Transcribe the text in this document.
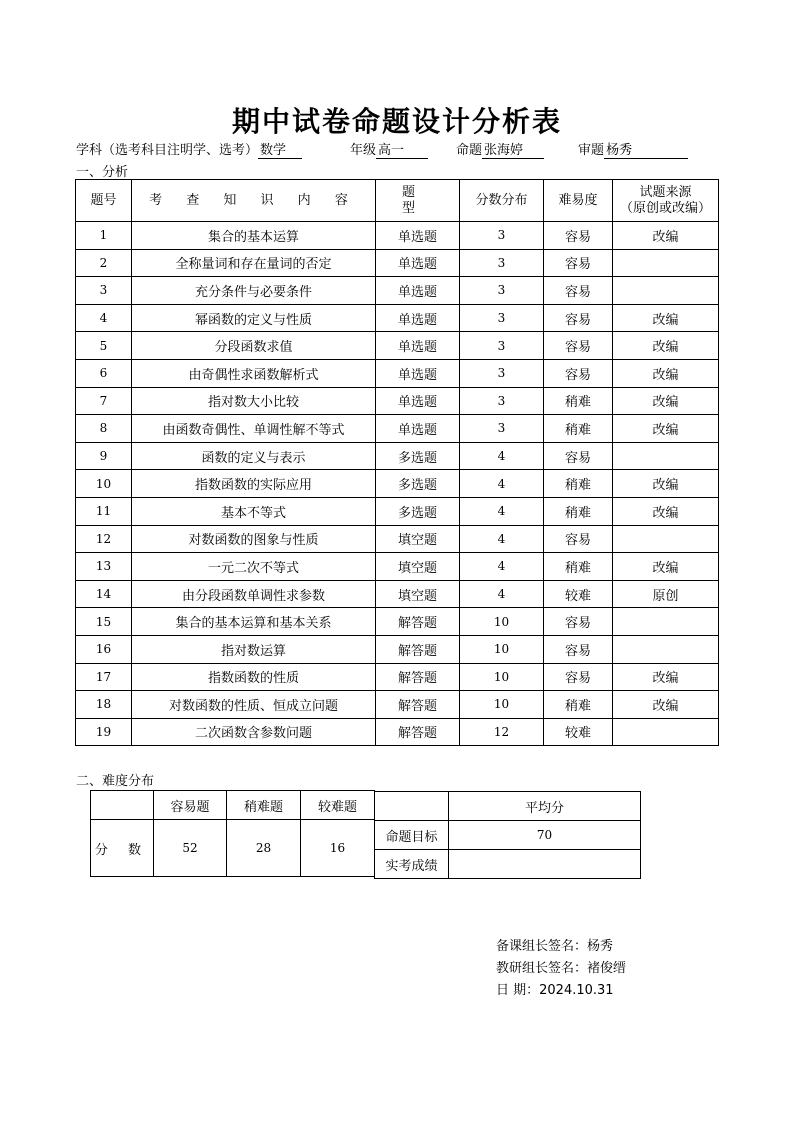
期中试卷命题设计分析表
学科（选考科目注明学、选考） 数学	年级 高一	命题 张海婷	审题 杨秀
一、分析
题号	考 查 知 识 内 容	题 型	分数分布	难易度	试题来源
（原创或改编）

1	集合的基本运算	单选题	3	容易	改编
2	全称量词和存在量词的否定	单选题	3	容易	
3	充分条件与必要条件	单选题	3	容易	
4	幂函数的定义与性质	单选题	3	容易	改编
5	分段函数求值	单选题	3	容易	改编
6	由奇偶性求函数解析式	单选题	3	容易	改编
7	指对数大小比较	单选题	3	稍难	改编
8	由函数奇偶性、单调性解不等式	单选题	3	稍难	改编
9	函数的定义与表示	多选题	4	容易	
10	指数函数的实际应用	多选题	4	稍难	改编
11	基本不等式	多选题	4	稍难	改编
12	对数函数的图象与性质	填空题	4	容易	
13	一元二次不等式	填空题	4	稍难	改编
14	由分段函数单调性求参数	填空题	4	较难	原创
15	集合的基本运算和基本关系	解答题	10	容易	
16	指对数运算	解答题	10	容易	
17	指数函数的性质	解答题	10	容易	改编
18	对数函数的性质、恒成立问题	解答题	10	稍难	改编
19	二次函数含参数问题	解答题	12	较难	
二、难度分布
	容易题	稍难题	较难题
分 数	52	28	16
	平均分
命题目标	70
实考成绩	
备课组长签名：杨秀
教研组长签名：褚俊缙
日 期：2024.10.31
